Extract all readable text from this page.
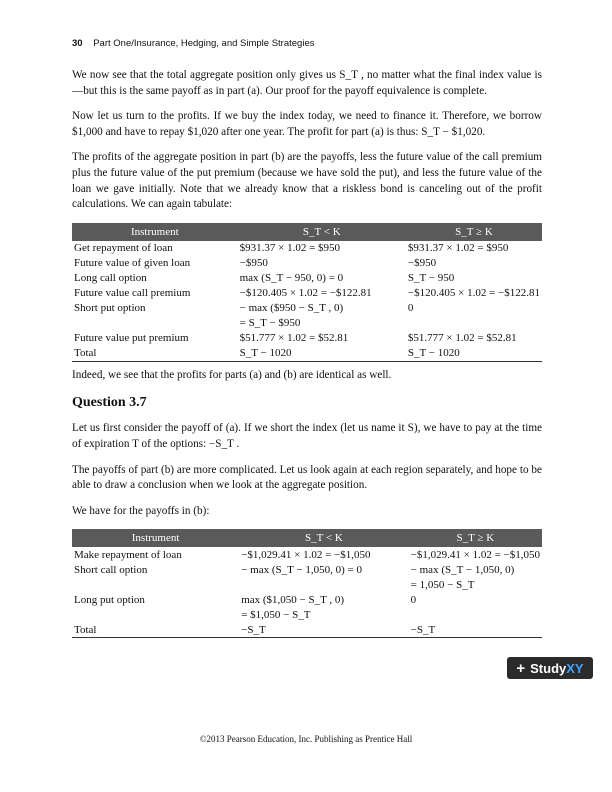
30 Part One/Insurance, Hedging, and Simple Strategies

We now see that the total aggregate position only gives us S_T , no matter what the final index value is—but this is the same payoff as in part (a). Our proof for the payoff equivalence is complete.

Now let us turn to the profits. If we buy the index today, we need to finance it. Therefore, we borrow $1,000 and have to repay $1,020 after one year. The profit for part (a) is thus: S_T − $1,020.

The profits of the aggregate position in part (b) are the payoffs, less the future value of the call premium plus the future value of the put premium (because we have sold the put), and less the future value of the loan we gave initially. Note that we already know that a riskless bond is canceling out of the profit calculations. We can again tabulate:

Instrument	S_T < K	S_T ≥ K
Get repayment of loan	$931.37 × 1.02 = $950	$931.37 × 1.02 = $950
Future value of given loan	−$950	−$950
Long call option	max (S_T − 950, 0) = 0	S_T − 950
Future value call premium	−$120.405 × 1.02 = −$122.81	−$120.405 × 1.02 = −$122.81
Short put option	− max ($950 − S_T , 0)	0
	= S_T − $950	
Future value put premium	$51.777 × 1.02 = $52.81	$51.777 × 1.02 = $52.81
Total	S_T − 1020	S_T − 1020

Indeed, we see that the profits for parts (a) and (b) are identical as well.

Question 3.7

Let us first consider the payoff of (a). If we short the index (let us name it S), we have to pay at the time of expiration T of the options: −S_T .

The payoffs of part (b) are more complicated. Let us look again at each region separately, and hope to be able to draw a conclusion when we look at the aggregate position.

We have for the payoffs in (b):

Instrument	S_T < K	S_T ≥ K
Make repayment of loan	−$1,029.41 × 1.02 = −$1,050	−$1,029.41 × 1.02 = −$1,050
Short call option	− max (S_T − 1,050, 0) = 0	− max (S_T − 1,050, 0)
		= 1,050 − S_T
Long put option	max ($1,050 − S_T , 0)	0
	= $1,050 − S_T	
Total	−S_T	−S_T
+ Study XY
©2013 Pearson Education, Inc. Publishing as Prentice Hall
